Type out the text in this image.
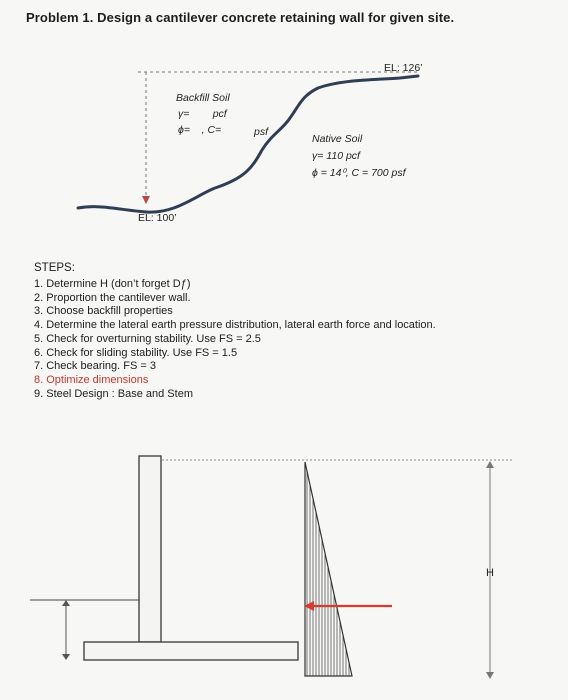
Problem 1. Design a cantilever concrete retaining wall for given site.
EL: 126’
EL: 100’
Backfill Soil
γ=        pcf
ϕ=    , C=	psf
Native Soil
γ= 110 pcf
ϕ = 14⁰, C = 700 psf
STEPS:
1. Determine H (don’t forget Dƒ)
2. Proportion the cantilever wall.
3. Choose backfill properties
4. Determine the lateral earth pressure distribution, lateral earth force and location.
5. Check for overturning stability. Use FS = 2.5
6. Check for sliding stability. Use FS = 1.5
7. Check bearing. FS = 3
8. Optimize dimensions
9. Steel Design : Base and Stem
H
